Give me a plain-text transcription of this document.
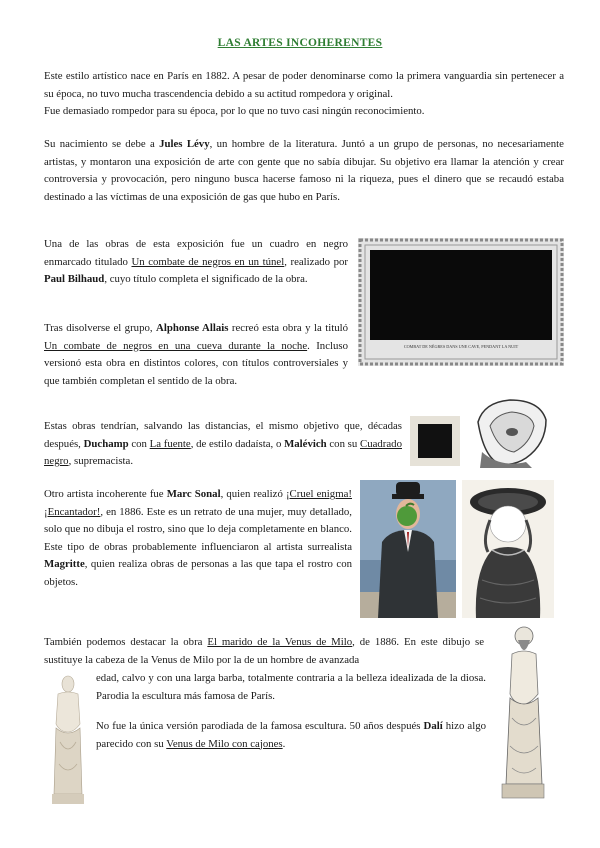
LAS ARTES INCOHERENTES

Este estilo artístico nace en París en 1882. A pesar de poder denominarse como la primera vanguardia sin pertenecer a su época, no tuvo mucha trascendencia debido a su actitud rompedora y original.

Fue demasiado rompedor para su época, por lo que no tuvo casi ningún reconocimiento.

Su nacimiento se debe a Jules Lévy, un hombre de la literatura. Juntó a un grupo de personas, no necesariamente artistas, y montaron una exposición de arte con gente que no sabía dibujar. Su objetivo era llamar la atención y crear controversia y provocación, pero ninguno busca hacerse famoso ni la riqueza, pues el dinero que se recaudó estaba destinado a las víctimas de una exposición de gas que hubo en París.

Una de las obras de esta exposición fue un cuadro en negro enmarcado titulado Un combate de negros en un túnel, realizado por Paul Bilhaud, cuyo título completa el significado de la obra.

COMBAT DE NÈGRES DANS UNE CAVE, PENDANT LA NUIT

Tras disolverse el grupo, Alphonse Allais recreó esta obra y la tituló Un combate de negros en una cueva durante la noche. Incluso versionó esta obra en distintos colores, con títulos controversiales y que también completan el sentido de la obra.

Estas obras tendrían, salvando las distancias, el mismo objetivo que, décadas después, Duchamp con La fuente, de estilo dadaísta, o Malévich con su Cuadrado negro, supremacista.

Otro artista incoherente fue Marc Sonal, quien realizó ¡Cruel enigma! ¡Encantador!, en 1886. Este es un retrato de una mujer, muy detallado, solo que no dibuja el rostro, sino que lo deja completamente en blanco. Este tipo de obras probablemente influenciaron al artista surrealista Magritte, quien realiza obras de personas a las que tapa el rostro con objetos.

También podemos destacar la obra El marido de la Venus de Milo, de 1886. En este dibujo se sustituye la cabeza de la Venus de Milo por la de un hombre de avanzada

edad, calvo y con una larga barba, totalmente contraria a la belleza idealizada de la diosa. Parodia la escultura más famosa de París.

No fue la única versión parodiada de la famosa escultura. 50 años después Dalí hizo algo parecido con su Venus de Milo con cajones.
